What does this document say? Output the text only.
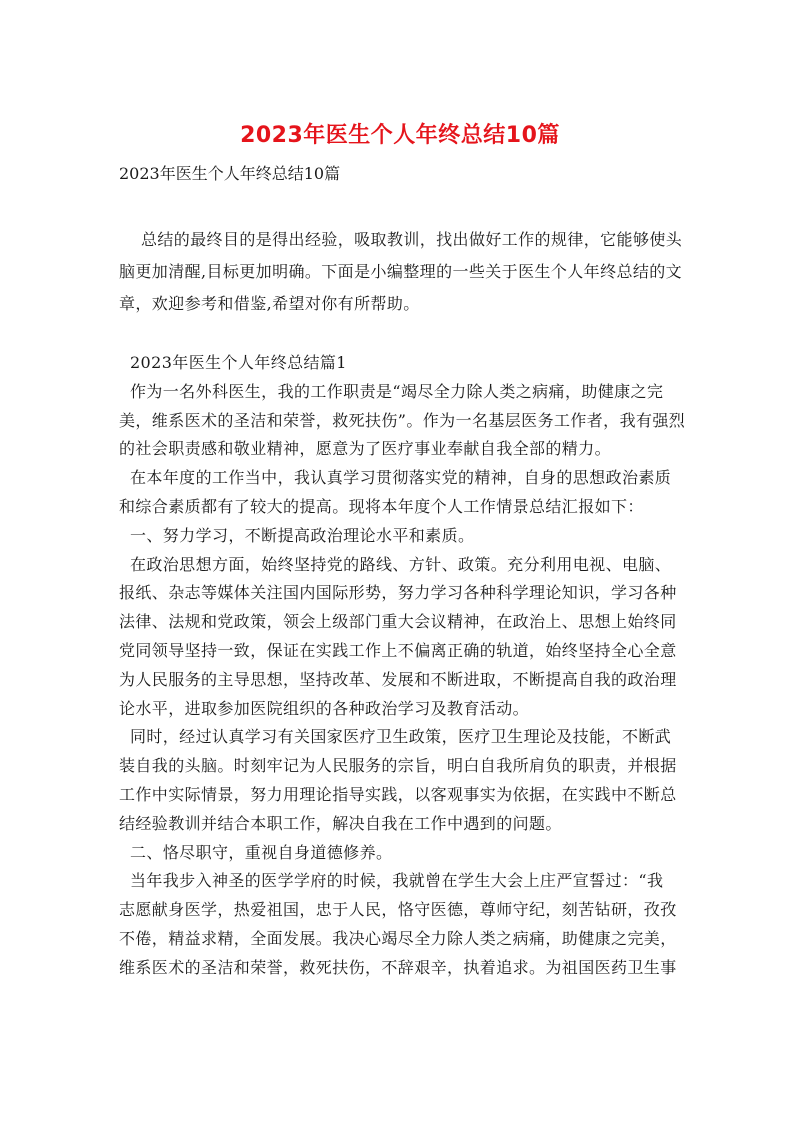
2023年医生个人年终总结10篇
2023年医生个人年终总结10篇
总结的最终目的是得出经验，吸取教训，找出做好工作的规律，它能够使头
脑更加清醒,目标更加明确。下面是小编整理的一些关于医生个人年终总结的文
章，欢迎参考和借鉴,希望对你有所帮助。
2023年医生个人年终总结篇1
作为一名外科医生，我的工作职责是“竭尽全力除人类之病痛，助健康之完
美，维系医术的圣洁和荣誉，救死扶伤”。作为一名基层医务工作者，我有强烈
的社会职责感和敬业精神，愿意为了医疗事业奉献自我全部的精力。
在本年度的工作当中，我认真学习贯彻落实党的精神，自身的思想政治素质
和综合素质都有了较大的提高。现将本年度个人工作情景总结汇报如下：
一、努力学习，不断提高政治理论水平和素质。
在政治思想方面，始终坚持党的路线、方针、政策。充分利用电视、电脑、
报纸、杂志等媒体关注国内国际形势，努力学习各种科学理论知识，学习各种
法律、法规和党政策，领会上级部门重大会议精神，在政治上、思想上始终同
党同领导坚持一致，保证在实践工作上不偏离正确的轨道，始终坚持全心全意
为人民服务的主导思想，坚持改革、发展和不断进取，不断提高自我的政治理
论水平，进取参加医院组织的各种政治学习及教育活动。
同时，经过认真学习有关国家医疗卫生政策，医疗卫生理论及技能，不断武
装自我的头脑。时刻牢记为人民服务的宗旨，明白自我所肩负的职责，并根据
工作中实际情景，努力用理论指导实践，以客观事实为依据，在实践中不断总
结经验教训并结合本职工作，解决自我在工作中遇到的问题。
二、恪尽职守，重视自身道德修养。
当年我步入神圣的医学学府的时候，我就曾在学生大会上庄严宣誓过：“我
志愿献身医学，热爱祖国，忠于人民，恪守医德，尊师守纪，刻苦钻研，孜孜
不倦，精益求精，全面发展。我决心竭尽全力除人类之病痛，助健康之完美，
维系医术的圣洁和荣誉，救死扶伤，不辞艰辛，执着追求。为祖国医药卫生事
